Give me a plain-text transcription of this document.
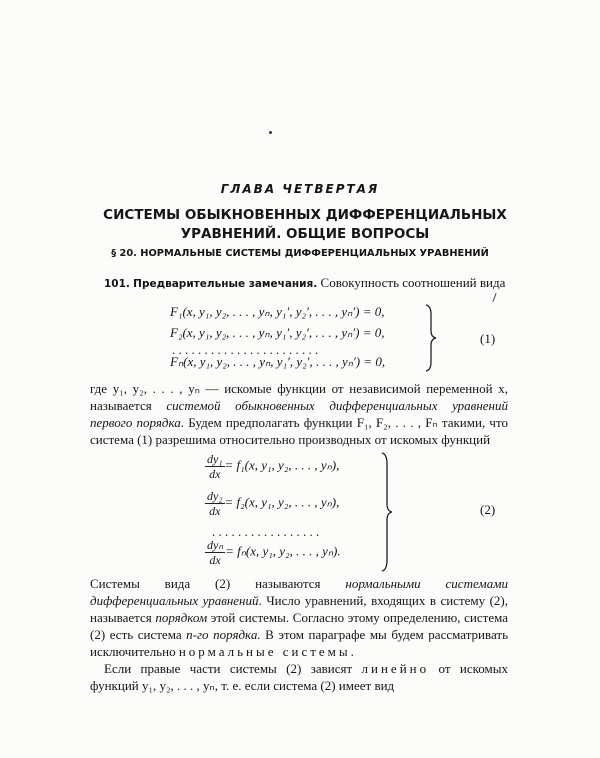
ГЛАВА ЧЕТВЕРТАЯ
СИСТЕМЫ ОБЫКНОВЕННЫХ ДИФФЕРЕНЦИАЛЬНЫХ
УРАВНЕНИЙ. ОБЩИЕ ВОПРОСЫ
§ 20. НОРМАЛЬНЫЕ СИСТЕМЫ ДИФФЕРЕНЦИАЛЬНЫХ УРАВНЕНИЙ
101. Предварительные замечания. Совокупность соотношений вида
F₁(x, y₁, y₂, . . . , yₙ, y₁′, y₂′, . . . , yₙ′) = 0,
F₂(x, y₁, y₂, . . . , yₙ, y₁′, y₂′, . . . , yₙ′) = 0,
. . . . . . . . . . . . . . . . . . . . . . .
Fₙ(x, y₁, y₂, . . . , yₙ, y₁′, y₂′, . . . , yₙ′) = 0,
(1)
где y₁, y₂, . . . , yₙ — искомые функции от независимой переменной x, называется системой обыкновенных дифференциальных уравнений первого порядка. Будем предполагать функции F₁, F₂, . . . , Fₙ такими, что система (1) разрешима относительно производных от искомых функций
$\frac{\text{dy₁}}{dx} = f_1(x$, y₁, y₂, . . . , yₙ),
$\frac{\text{dy₂}}{dx} = f_2(x$, y₁, y₂, . . . , yₙ),
. . . . . . . . . . . . . . . . .
$\frac{\text{dyₙ}}{dx} = f_n(x$, y₁, y₂, . . . , yₙ).
(2)
Системы вида (2) называются нормальными системами дифференциальных уравнений. Число уравнений, входящих в систему (2), называется порядком этой системы. Согласно этому определению, система (2) есть система n-го порядка. В этом параграфе мы будем рассматривать исключительно нормальные системы.
Если правые части системы (2) зависят линейно от искомых функций y₁, y₂, . . . , yₙ, т. е. если система (2) имеет вид
